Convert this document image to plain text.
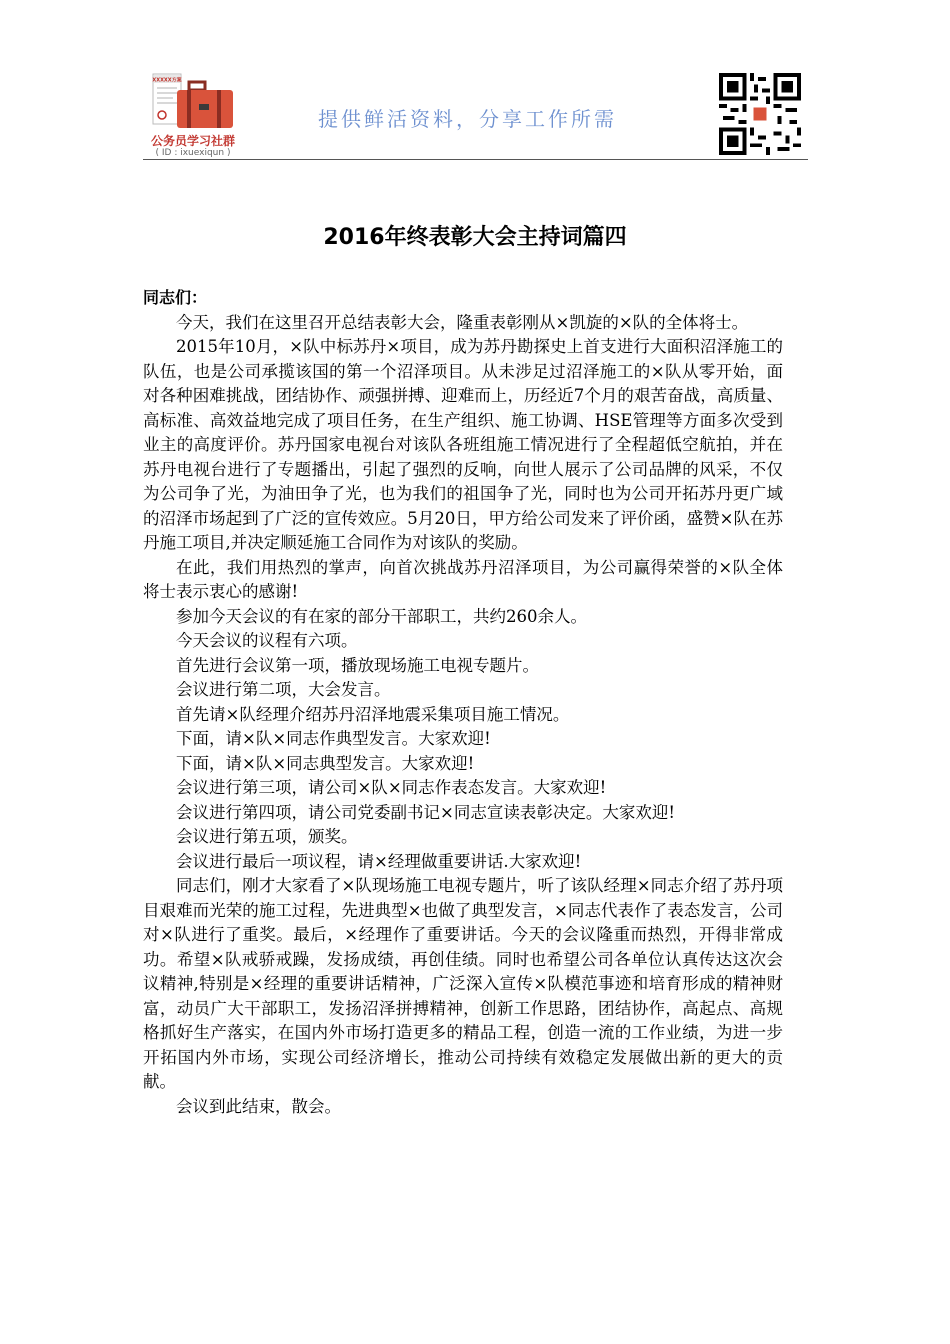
XXXXX方案
公务员学习社群
( ID : ixuexiqun )
提供鲜活资料，分享工作所需
2016年终表彰大会主持词篇四
同志们：

今天，我们在这里召开总结表彰大会，隆重表彰刚从×凯旋的×队的全体将士。

2015年10月，×队中标苏丹×项目，成为苏丹勘探史上首支进行大面积沼泽施工的队伍，也是公司承揽该国的第一个沼泽项目。从未涉足过沼泽施工的×队从零开始，面对各种困难挑战，团结协作、顽强拼搏、迎难而上，历经近7个月的艰苦奋战，高质量、高标准、高效益地完成了项目任务，在生产组织、施工协调、HSE管理等方面多次受到业主的高度评价。苏丹国家电视台对该队各班组施工情况进行了全程超低空航拍，并在苏丹电视台进行了专题播出，引起了强烈的反响，向世人展示了公司品牌的风采，不仅为公司争了光，为油田争了光，也为我们的祖国争了光，同时也为公司开拓苏丹更广域的沼泽市场起到了广泛的宣传效应。5月20日，甲方给公司发来了评价函，盛赞×队在苏丹施工项目,并决定顺延施工合同作为对该队的奖励。

在此，我们用热烈的掌声，向首次挑战苏丹沼泽项目，为公司赢得荣誉的×队全体将士表示衷心的感谢!

参加今天会议的有在家的部分干部职工，共约260余人。

今天会议的议程有六项。

首先进行会议第一项，播放现场施工电视专题片。

会议进行第二项，大会发言。

首先请×队经理介绍苏丹沼泽地震采集项目施工情况。

下面，请×队×同志作典型发言。大家欢迎!

下面，请×队×同志典型发言。大家欢迎!

会议进行第三项，请公司×队×同志作表态发言。大家欢迎!

会议进行第四项，请公司党委副书记×同志宣读表彰决定。大家欢迎!

会议进行第五项，颁奖。

会议进行最后一项议程，请×经理做重要讲话.大家欢迎!

同志们，刚才大家看了×队现场施工电视专题片，听了该队经理×同志介绍了苏丹项目艰难而光荣的施工过程，先进典型×也做了典型发言，×同志代表作了表态发言，公司对×队进行了重奖。最后，×经理作了重要讲话。今天的会议隆重而热烈，开得非常成功。希望×队戒骄戒躁，发扬成绩，再创佳绩。同时也希望公司各单位认真传达这次会议精神,特别是×经理的重要讲话精神，广泛深入宣传×队模范事迹和培育形成的精神财富，动员广大干部职工，发扬沼泽拼搏精神，创新工作思路，团结协作，高起点、高规格抓好生产落实，在国内外市场打造更多的精品工程，创造一流的工作业绩，为进一步开拓国内外市场，实现公司经济增长，推动公司持续有效稳定发展做出新的更大的贡献。

会议到此结束，散会。
